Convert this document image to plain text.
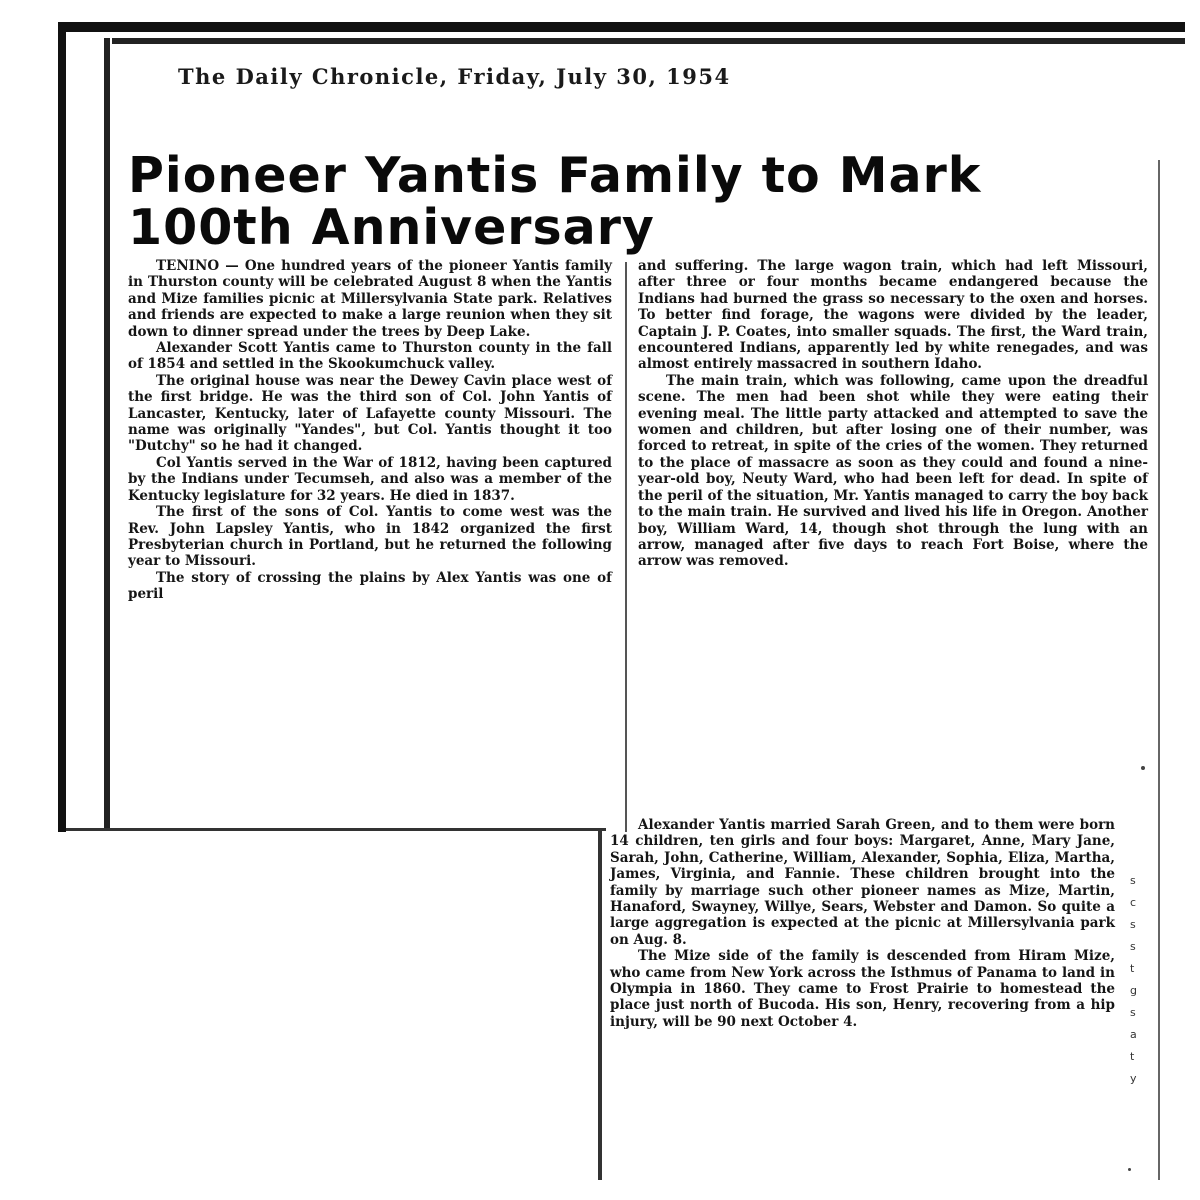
The Daily Chronicle, Friday, July 30, 1954
Pioneer Yantis Family to Mark 100th Anniversary

TENINO — One hundred years of the pioneer Yantis family in Thurston county will be celebrated August 8 when the Yantis and Mize families picnic at Millersylvania State park. Relatives and friends are expected to make a large reunion when they sit down to dinner spread under the trees by Deep Lake.

Alexander Scott Yantis came to Thurston county in the fall of 1854 and settled in the Skookumchuck valley.

The original house was near the Dewey Cavin place west of the first bridge. He was the third son of Col. John Yantis of Lancaster, Kentucky, later of Lafayette county Missouri. The name was originally "Yandes", but Col. Yantis thought it too "Dutchy" so he had it changed.

Col Yantis served in the War of 1812, having been captured by the Indians under Tecumseh, and also was a member of the Kentucky legislature for 32 years. He died in 1837.

The first of the sons of Col. Yantis to come west was the Rev. John Lapsley Yantis, who in 1842 organized the first Presbyterian church in Portland, but he returned the following year to Missouri.

The story of crossing the plains by Alex Yantis was one of peril

and suffering. The large wagon train, which had left Missouri, after three or four months became endangered because the Indians had burned the grass so necessary to the oxen and horses. To better find forage, the wagons were divided by the leader, Captain J. P. Coates, into smaller squads. The first, the Ward train, encountered Indians, apparently led by white renegades, and was almost entirely massacred in southern Idaho.

The main train, which was following, came upon the dreadful scene. The men had been shot while they were eating their evening meal. The little party attacked and attempted to save the women and children, but after losing one of their number, was forced to retreat, in spite of the cries of the women. They returned to the place of massacre as soon as they could and found a nine-year-old boy, Neuty Ward, who had been left for dead. In spite of the peril of the situation, Mr. Yantis managed to carry the boy back to the main train. He survived and lived his life in Oregon. Another boy, William Ward, 14, though shot through the lung with an arrow, managed after five days to reach Fort Boise, where the arrow was removed.

Alexander Yantis married Sarah Green, and to them were born 14 children, ten girls and four boys: Margaret, Anne, Mary Jane, Sarah, John, Catherine, William, Alexander, Sophia, Eliza, Martha, James, Virginia, and Fannie. These children brought into the family by marriage such other pioneer names as Mize, Martin, Hanaford, Swayney, Willye, Sears, Webster and Damon. So quite a large aggregation is expected at the picnic at Millersylvania park on Aug. 8.

The Mize side of the family is descended from Hiram Mize, who came from New York across the Isthmus of Panama to land in Olympia in 1860. They came to Frost Prairie to homestead the place just north of Bucoda. His son, Henry, recovering from a hip injury, will be 90 next October 4.

s
c
s
s
t
g
s
a
t
y
